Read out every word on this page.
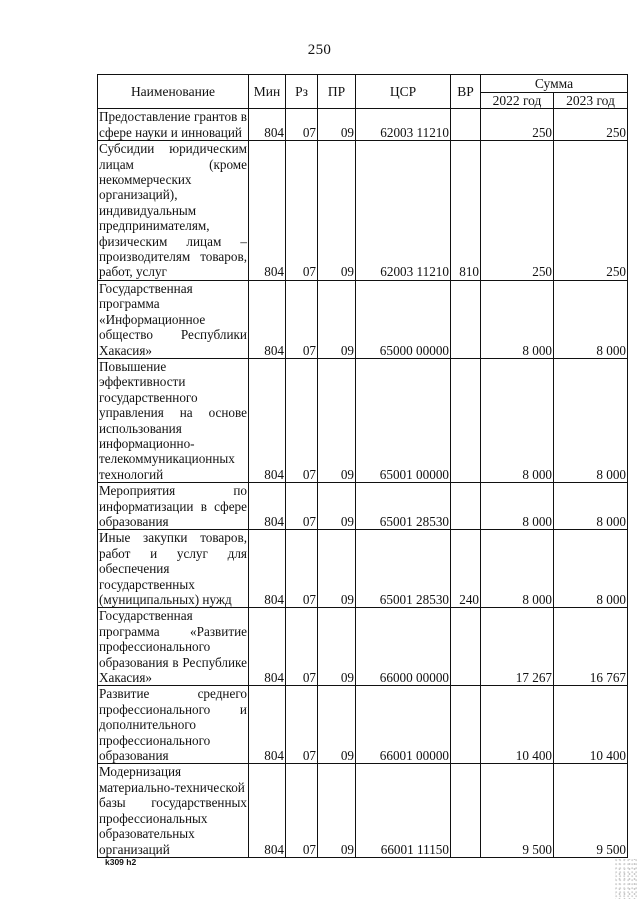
250
Наименование	Мин	Рз	ПР	ЦСР	ВР	Сумма	
						2022 год	2023 год
Предоставление грантов в сфере науки и инноваций	804	07	09	62003 11210		250	250
Субсидии юридическим лицам (кроме некоммерческих организаций), индивидуальным предпринимателям, физическим лицам – производителям товаров, работ, услуг	804	07	09	62003 11210	810	250	250
Государственная программа «Информационное общество Республики Хакасия»	804	07	09	65000 00000		8 000	8 000
Повышение эффективности государственного управления на основе использования информационно-телекоммуникационных технологий	804	07	09	65001 00000		8 000	8 000
Мероприятия по информатизации в сфере образования	804	07	09	65001 28530		8 000	8 000
Иные закупки товаров, работ и услуг для обеспечения государственных (муниципальных) нужд	804	07	09	65001 28530	240	8 000	8 000
Государственная программа «Развитие профессионального образования в Республике Хакасия»	804	07	09	66000 00000		17 267	16 767
Развитие среднего профессионального и дополнительного профессионального образования	804	07	09	66001 00000		10 400	10 400
Модернизация материально-технической базы государственных профессиональных образовательных организаций	804	07	09	66001 11150		9 500	9 500
k309 h2
